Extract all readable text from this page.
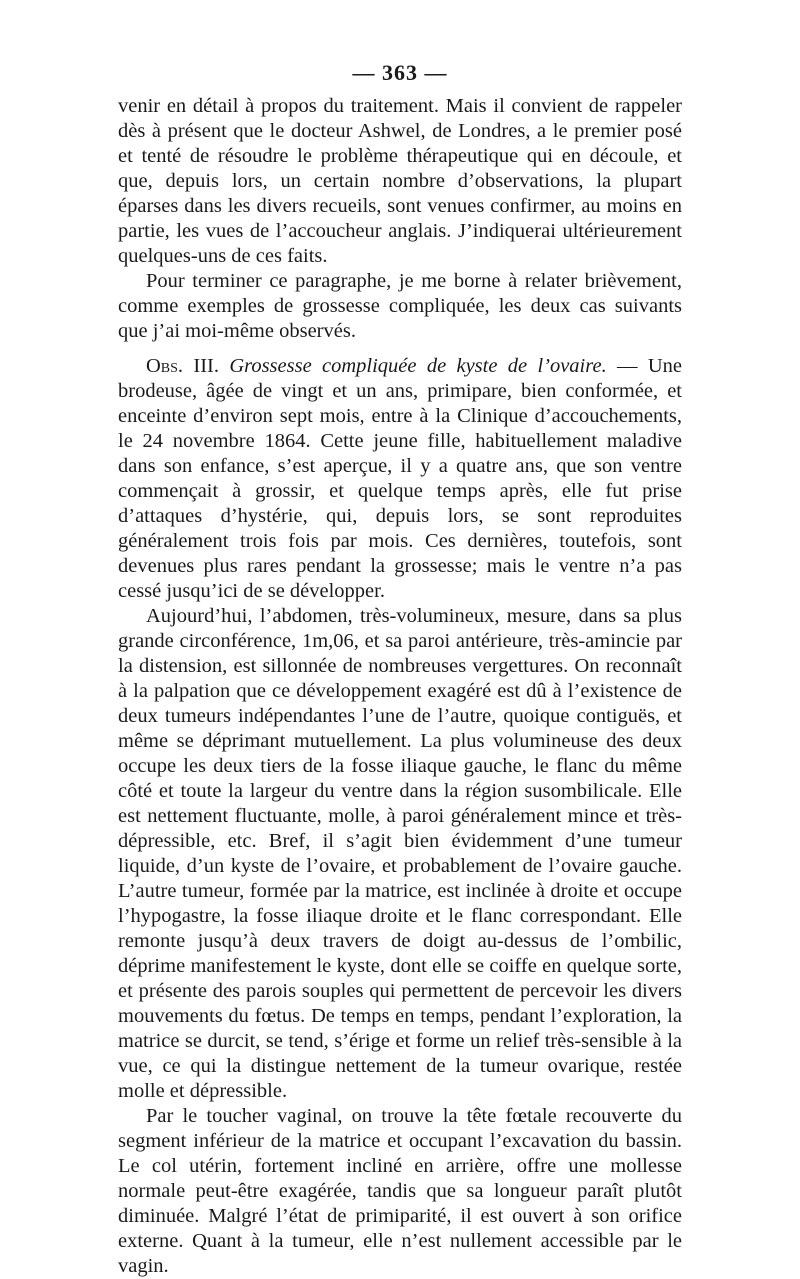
— 363 —

venir en détail à propos du traitement. Mais il convient de rappeler dès à présent que le docteur Ashwel, de Londres, a le premier posé et tenté de résoudre le problème thérapeutique qui en découle, et que, depuis lors, un certain nombre d’observations, la plupart éparses dans les divers recueils, sont venues confirmer, au moins en partie, les vues de l’accoucheur anglais. J’indiquerai ultérieurement quelques-uns de ces faits.

Pour terminer ce paragraphe, je me borne à relater brièvement, comme exemples de grossesse compliquée, les deux cas suivants que j’ai moi-même observés.

Obs. III. Grossesse compliquée de kyste de l’ovaire. — Une brodeuse, âgée de vingt et un ans, primipare, bien conformée, et enceinte d’environ sept mois, entre à la Clinique d’accouchements, le 24 novembre 1864. Cette jeune fille, habituellement maladive dans son enfance, s’est aperçue, il y a quatre ans, que son ventre commençait à grossir, et quelque temps après, elle fut prise d’attaques d’hystérie, qui, depuis lors, se sont reproduites généralement trois fois par mois. Ces dernières, toutefois, sont devenues plus rares pendant la grossesse; mais le ventre n’a pas cessé jusqu’ici de se développer.

Aujourd’hui, l’abdomen, très-volumineux, mesure, dans sa plus grande circonférence, 1m,06, et sa paroi antérieure, très-amincie par la distension, est sillonnée de nombreuses vergettures. On reconnaît à la palpation que ce développement exagéré est dû à l’existence de deux tumeurs indépendantes l’une de l’autre, quoique contiguës, et même se déprimant mutuellement. La plus volumineuse des deux occupe les deux tiers de la fosse iliaque gauche, le flanc du même côté et toute la largeur du ventre dans la région susombilicale. Elle est nettement fluctuante, molle, à paroi généralement mince et très-dépressible, etc. Bref, il s’agit bien évidemment d’une tumeur liquide, d’un kyste de l’ovaire, et probablement de l’ovaire gauche. L’autre tumeur, formée par la matrice, est inclinée à droite et occupe l’hypogastre, la fosse iliaque droite et le flanc correspondant. Elle remonte jusqu’à deux travers de doigt au-dessus de l’ombilic, déprime manifestement le kyste, dont elle se coiffe en quelque sorte, et présente des parois souples qui permettent de percevoir les divers mouvements du fœtus. De temps en temps, pendant l’exploration, la matrice se durcit, se tend, s’érige et forme un relief très-sensible à la vue, ce qui la distingue nettement de la tumeur ovarique, restée molle et dépressible.

Par le toucher vaginal, on trouve la tête fœtale recouverte du segment inférieur de la matrice et occupant l’excavation du bassin. Le col utérin, fortement incliné en arrière, offre une mollesse normale peut-être exagérée, tandis que sa longueur paraît plutôt diminuée. Malgré l’état de primiparité, il est ouvert à son orifice externe. Quant à la tumeur, elle n’est nullement accessible par le vagin.
